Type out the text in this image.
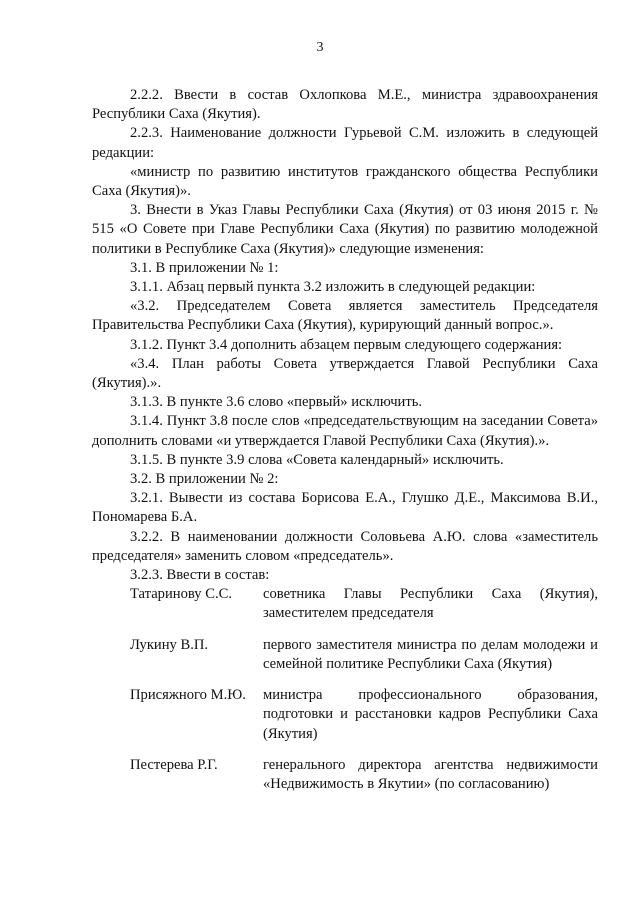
3

2.2.2. Ввести в состав Охлопкова М.Е., министра здравоохранения Республики Саха (Якутия).

2.2.3. Наименование должности Гурьевой С.М. изложить в следующей редакции:

«министр по развитию институтов гражданского общества Республики Саха (Якутия)».

3. Внести в Указ Главы Республики Саха (Якутия) от 03 июня 2015 г. № 515 «О Совете при Главе Республики Саха (Якутия) по развитию молодежной политики в Республике Саха (Якутия)» следующие изменения:

3.1. В приложении № 1:

3.1.1. Абзац первый пункта 3.2 изложить в следующей редакции:

«3.2. Председателем Совета является заместитель Председателя Правительства Республики Саха (Якутия), курирующий данный вопрос.».

3.1.2. Пункт 3.4 дополнить абзацем первым следующего содержания:

«3.4. План работы Совета утверждается Главой Республики Саха (Якутия).».

3.1.3. В пункте 3.6 слово «первый» исключить.

3.1.4. Пункт 3.8 после слов «председательствующим на заседании Совета» дополнить словами «и утверждается Главой Республики Саха (Якутия).».

3.1.5. В пункте 3.9 слова «Совета календарный» исключить.

3.2. В приложении № 2:

3.2.1. Вывести из состава Борисова Е.А., Глушко Д.Е., Максимова В.И., Пономарева Б.А.

3.2.2. В наименовании должности Соловьева А.Ю. слова «заместитель председателя» заменить словом «председатель».

3.2.3. Ввести в состав:

Татаринову С.С.	советника Главы Республики Саха (Якутия), заместителем председателя
Лукину В.П.	первого заместителя министра по делам молодежи и семейной политике Республики Саха (Якутия)
Присяжного М.Ю.	министра профессионального образования, подготовки и расстановки кадров Республики Саха (Якутия)
Пестерева Р.Г.	генерального директора агентства недвижимости «Недвижимость в Якутии» (по согласованию)
